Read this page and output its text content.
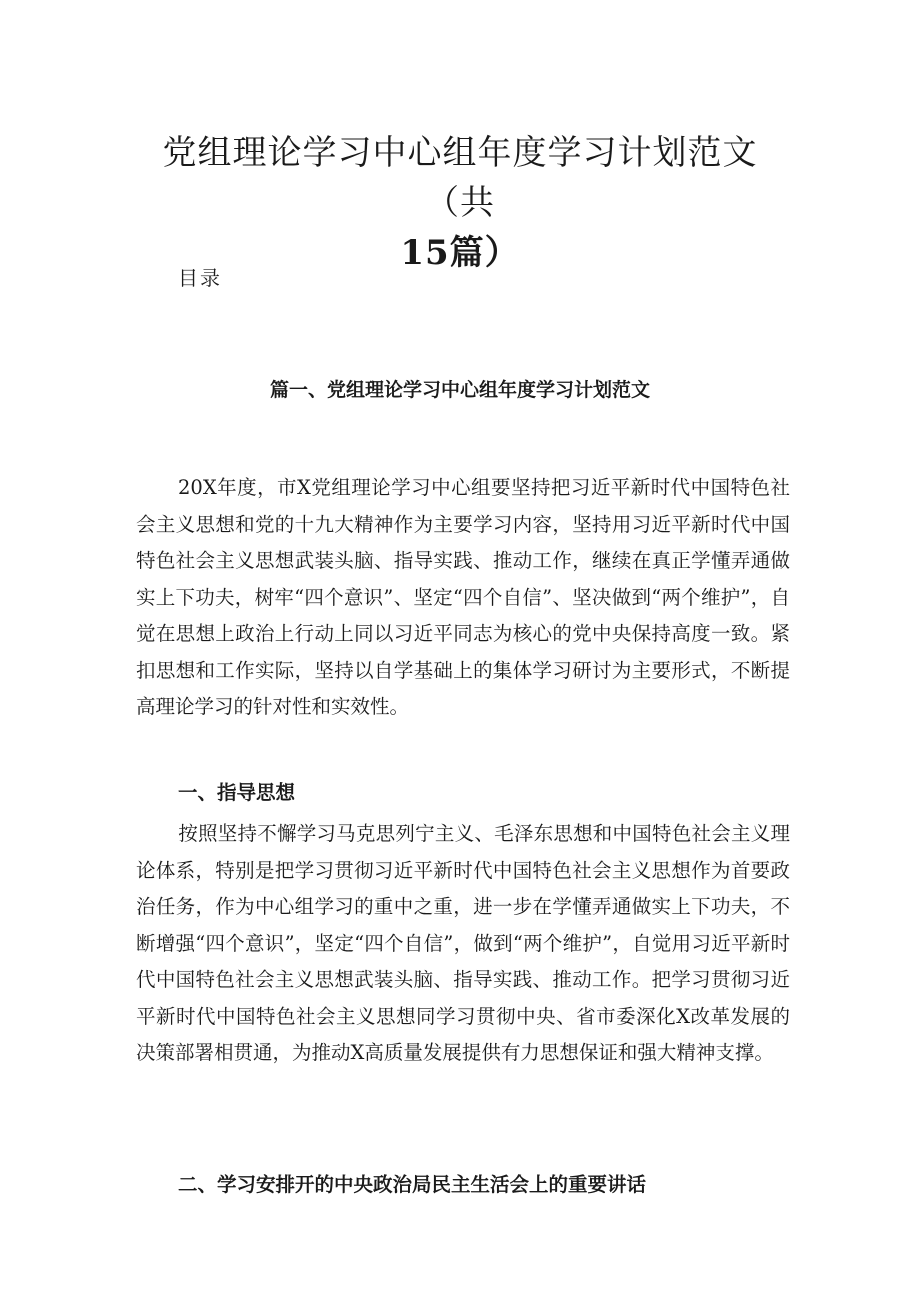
党组理论学习中心组年度学习计划范文（共
15篇）

目录

篇一、党组理论学习中心组年度学习计划范文

20X年度，市X党组理论学习中心组要坚持把习近平新时代中国特色社会主义思想和党的十九大精神作为主要学习内容，坚持用习近平新时代中国特色社会主义思想武装头脑、指导实践、推动工作，继续在真正学懂弄通做实上下功夫，树牢“四个意识”、坚定“四个自信”、坚决做到“两个维护”，自觉在思想上政治上行动上同以习近平同志为核心的党中央保持高度一致。紧扣思想和工作实际，坚持以自学基础上的集体学习研讨为主要形式，不断提高理论学习的针对性和实效性。

一、指导思想

按照坚持不懈学习马克思列宁主义、毛泽东思想和中国特色社会主义理论体系，特别是把学习贯彻习近平新时代中国特色社会主义思想作为首要政治任务，作为中心组学习的重中之重，进一步在学懂弄通做实上下功夫，不断增强“四个意识”，坚定“四个自信”，做到“两个维护”，自觉用习近平新时代中国特色社会主义思想武装头脑、指导实践、推动工作。把学习贯彻习近平新时代中国特色社会主义思想同学习贯彻中央、省市委深化X改革发展的决策部署相贯通，为推动X高质量发展提供有力思想保证和强大精神支撑。

二、学习安排开的中央政治局民主生活会上的重要讲话
